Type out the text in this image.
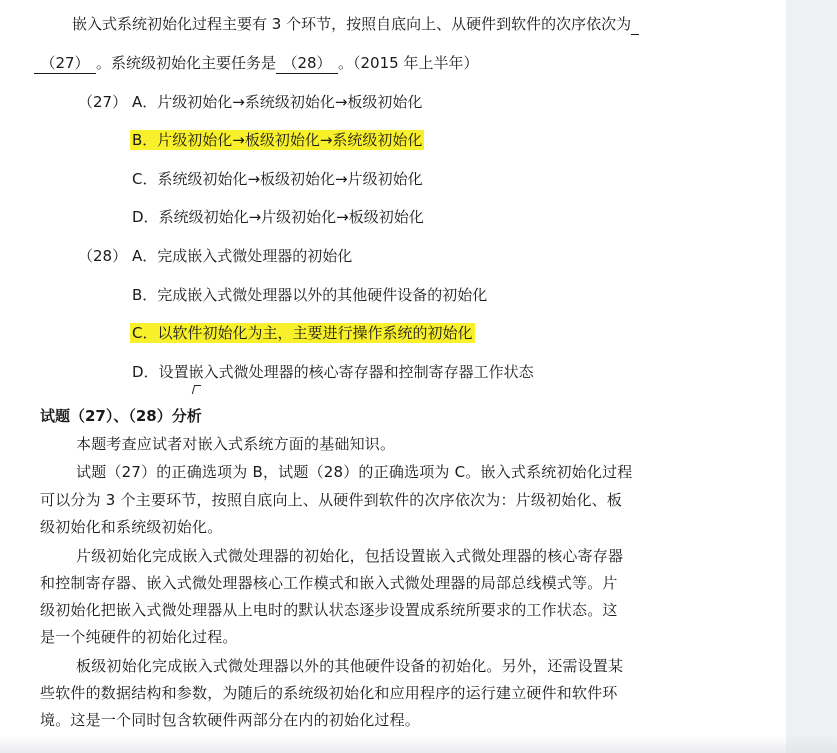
嵌入式系统初始化过程主要有 3 个环节，按照自底向上、从硬件到软件的次序依次为
（27） 。系统级初始化主要任务是 （28） 。（2015 年上半年）
（27） A．片级初始化→系统级初始化→板级初始化
B．片级初始化→板级初始化→系统级初始化
C．系统级初始化→板级初始化→片级初始化
D．系统级初始化→片级初始化→板级初始化
（28） A．完成嵌入式微处理器的初始化
B．完成嵌入式微处理器以外的其他硬件设备的初始化
C．以软件初始化为主，主要进行操作系统的初始化
D．设置嵌入式微处理器的核心寄存器和控制寄存器工作状态
试题（27）、（28）分析
本题考查应试者对嵌入式系统方面的基础知识。
试题（27）的正确选项为 B，试题（28）的正确选项为 C。嵌入式系统初始化过程
可以分为 3 个主要环节，按照自底向上、从硬件到软件的次序依次为：片级初始化、板
级初始化和系统级初始化。
片级初始化完成嵌入式微处理器的初始化，包括设置嵌入式微处理器的核心寄存器
和控制寄存器、嵌入式微处理器核心工作模式和嵌入式微处理器的局部总线模式等。片
级初始化把嵌入式微处理器从上电时的默认状态逐步设置成系统所要求的工作状态。这
是一个纯硬件的初始化过程。
板级初始化完成嵌入式微处理器以外的其他硬件设备的初始化。另外，还需设置某
些软件的数据结构和参数，为随后的系统级初始化和应用程序的运行建立硬件和软件环
境。这是一个同时包含软硬件两部分在内的初始化过程。
